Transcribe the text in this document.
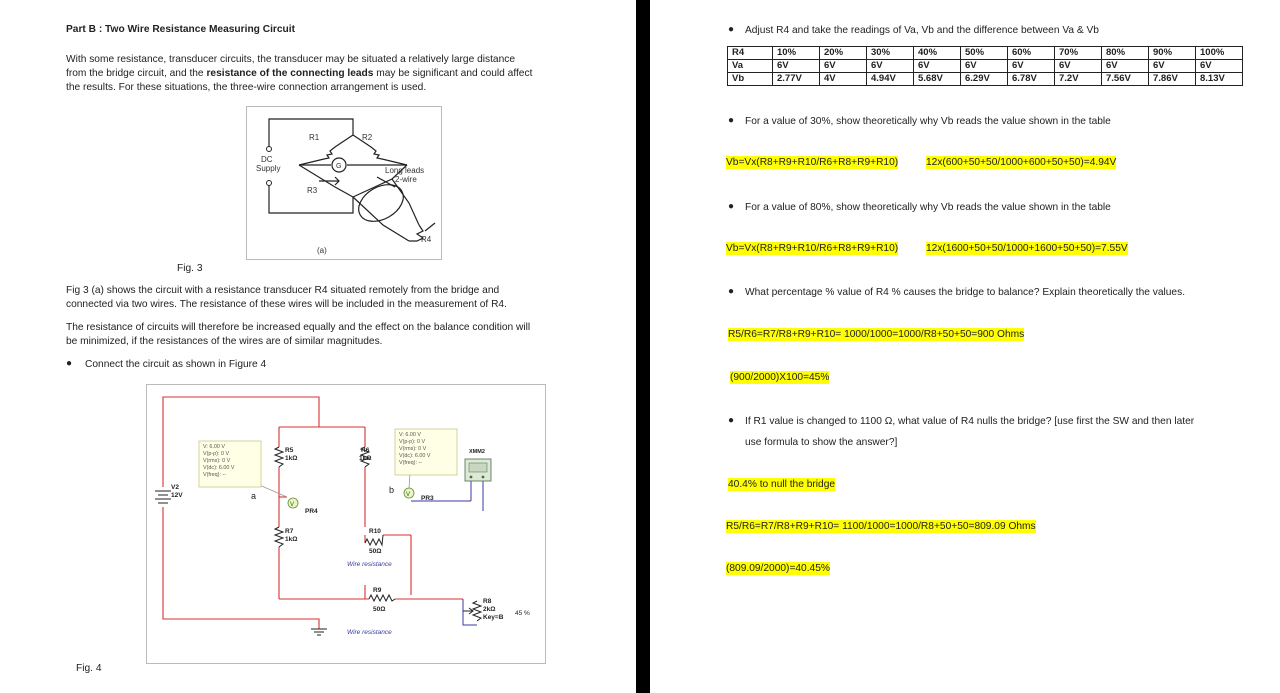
Part B : Two Wire Resistance Measuring Circuit
With some resistance, transducer circuits, the transducer may be situated a relatively large distance
from the bridge circuit, and the resistance of the connecting leads may be significant and could affect
the results. For these situations, the three-wire connection arrangement is used.
R1	R2
R3
R4
G
DC
Supply	Long leads
2-wire
(a)
Fig. 3
Fig 3 (a) shows the circuit with a resistance transducer R4 situated remotely from the bridge and
connected via two wires. The resistance of these wires will be included in the measurement of R4.
The resistance of circuits will therefore be increased equally and the effect on the balance condition will
be minimized, if the resistances of the wires are of similar magnitudes.
● Connect the circuit as shown in Figure 4
V: 6.00 V
V(p-p): 0 V
V(rms): 0 V
V(dc): 6.00 V
V(freq): --
V: 6.00 V
V(p-p): 0 V
V(rms): 0 V
V(dc): 6.00 V
V(freq): --
V
V
R5
1kΩ
R6
1kΩ
R7
1kΩ
R10
50Ω
R9
50Ω
R8
2kΩ
Key=B
V2
12V
PR4
PR3
XMM2
45 %
a
b
Wire resistance
Wire resistance
Fig. 4
● Adjust R4 and take the readings of Va, Vb and the difference between Va & Vb
R4	10%	20%	30%	40%	50%	60%	70%	80%	90%	100%
Va	6V	6V	6V	6V	6V	6V	6V	6V	6V	6V
Vb	2.77V	4V	4.94V	5.68V	6.29V	6.78V	7.2V	7.56V	7.86V	8.13V
● For a value of 30%, show theoretically why Vb reads the value shown in the table
Vb=Vx(R8+R9+R10/R6+R8+R9+R10)	12x(600+50+50/1000+600+50+50)=4.94V
● For a value of 80%, show theoretically why Vb reads the value shown in the table
Vb=Vx(R8+R9+R10/R6+R8+R9+R10)	12x(1600+50+50/1000+1600+50+50)=7.55V
● What percentage % value of R4 % causes the bridge to balance? Explain theoretically the values.
R5/R6=R7/R8+R9+R10= 1000/1000=1000/R8+50+50=900 Ohms
(900/2000)X100=45%
● If R1 value is changed to 1100 Ω, what value of R4 nulls the bridge? [use first the SW and then later
use formula to show the answer?]
40.4% to null the bridge
R5/R6=R7/R8+R9+R10= 1100/1000=1000/R8+50+50=809.09 Ohms
(809.09/2000)=40.45%
